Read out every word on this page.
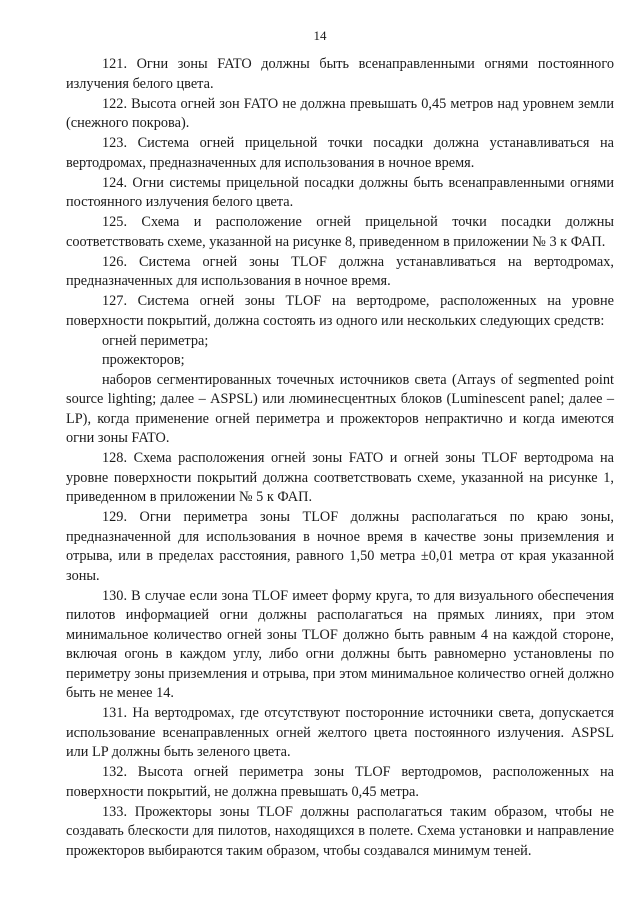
14

121. Огни зоны FATO должны быть всенаправленными огнями постоянного излучения белого цвета.

122. Высота огней зон FATO не должна превышать 0,45 метров над уровнем земли (снежного покрова).

123. Система огней прицельной точки посадки должна устанавливаться на вертодромах, предназначенных для использования в ночное время.

124. Огни системы прицельной посадки должны быть всенаправленными огнями постоянного излучения белого цвета.

125. Схема и расположение огней прицельной точки посадки должны соответствовать схеме, указанной на рисунке 8, приведенном в приложении № 3 к ФАП.

126. Система огней зоны TLOF должна устанавливаться на вертодромах, предназначенных для использования в ночное время.

127. Система огней зоны TLOF на вертодроме, расположенных на уровне поверхности покрытий, должна состоять из одного или нескольких следующих средств:

огней периметра;

прожекторов;

наборов сегментированных точечных источников света (Arrays of segmented point source lighting; далее – ASPSL) или люминесцентных блоков (Luminescent panel; далее – LP), когда применение огней периметра и прожекторов непрактично и когда имеются огни зоны FATO.

128. Схема расположения огней зоны FATO и огней зоны TLOF вертодрома на уровне поверхности покрытий должна соответствовать схеме, указанной на рисунке 1, приведенном в приложении № 5 к ФАП.

129. Огни периметра зоны TLOF должны располагаться по краю зоны, предназначенной для использования в ночное время в качестве зоны приземления и отрыва, или в пределах расстояния, равного 1,50 метра ±0,01 метра от края указанной зоны.

130. В случае если зона TLOF имеет форму круга, то для визуального обеспечения пилотов информацией огни должны располагаться на прямых линиях, при этом минимальное количество огней зоны TLOF должно быть равным 4 на каждой стороне, включая огонь в каждом углу, либо огни должны быть равномерно установлены по периметру зоны приземления и отрыва, при этом минимальное количество огней должно быть не менее 14.

131. На вертодромах, где отсутствуют посторонние источники света, допускается использование всенаправленных огней желтого цвета постоянного излучения. ASPSL или LP должны быть зеленого цвета.

132. Высота огней периметра зоны TLOF вертодромов, расположенных на поверхности покрытий, не должна превышать 0,45 метра.

133. Прожекторы зоны TLOF должны располагаться таким образом, чтобы не создавать блескости для пилотов, находящихся в полете. Схема установки и направление прожекторов выбираются таким образом, чтобы создавался минимум теней.
